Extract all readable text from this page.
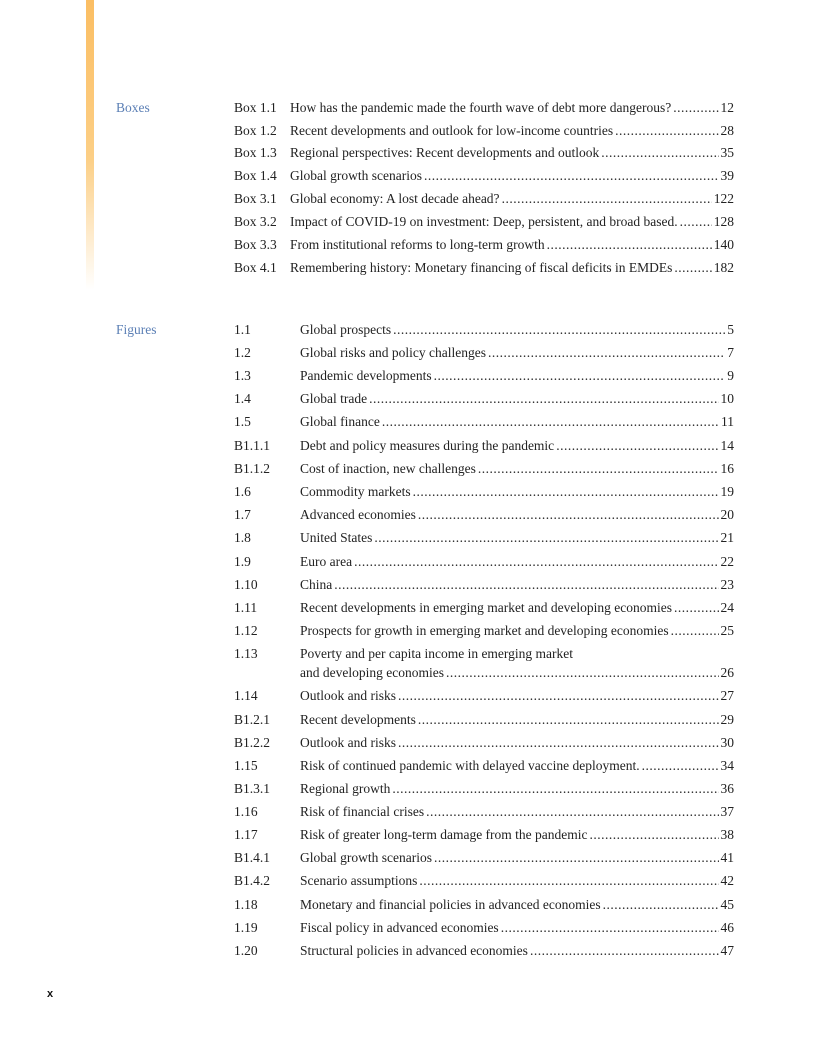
Boxes	Box 1.1 How has the pandemic made the fourth wave of debt more dangerous? .....	12
Box 1.2 Recent developments and outlook for low-income countries .....	28
Box 1.3 Regional perspectives: Recent developments and outlook .....	35
Box 1.4 Global growth scenarios .....	39
Box 3.1 Global economy: A lost decade ahead? .....	122
Box 3.2 Impact of COVID-19 on investment: Deep, persistent, and broad based. .....	128
Box 3.3 From institutional reforms to long-term growth .....	140
Box 4.1 Remembering history: Monetary financing of fiscal deficits in EMDEs .....	182
Figures	1.1	Global prospects .....	5
1.2	Global risks and policy challenges .....	7
1.3	Pandemic developments .....	9
1.4	Global trade .....	10
1.5	Global finance .....	11
B1.1.1	Debt and policy measures during the pandemic .....	14
B1.1.2	Cost of inaction, new challenges .....	16
1.6	Commodity markets .....	19
1.7	Advanced economies .....	20
1.8	United States .....	21
1.9	Euro area .....	22
1.10	China .....	23
1.11	Recent developments in emerging market and developing economies .....	24
1.12	Prospects for growth in emerging market and developing economies .....	25
1.13	Poverty and per capita income in emerging market
and developing economies .....	26
1.14	Outlook and risks .....	27
B1.2.1	Recent developments .....	29
B1.2.2	Outlook and risks .....	30
1.15	Risk of continued pandemic with delayed vaccine deployment. .....	34
B1.3.1	Regional growth .....	36
1.16	Risk of financial crises .....	37
1.17	Risk of greater long-term damage from the pandemic .....	38
B1.4.1	Global growth scenarios .....	41
B1.4.2	Scenario assumptions .....	42
1.18	Monetary and financial policies in advanced economies .....	45
1.19	Fiscal policy in advanced economies .....	46
1.20	Structural policies in advanced economies .....	47
x
